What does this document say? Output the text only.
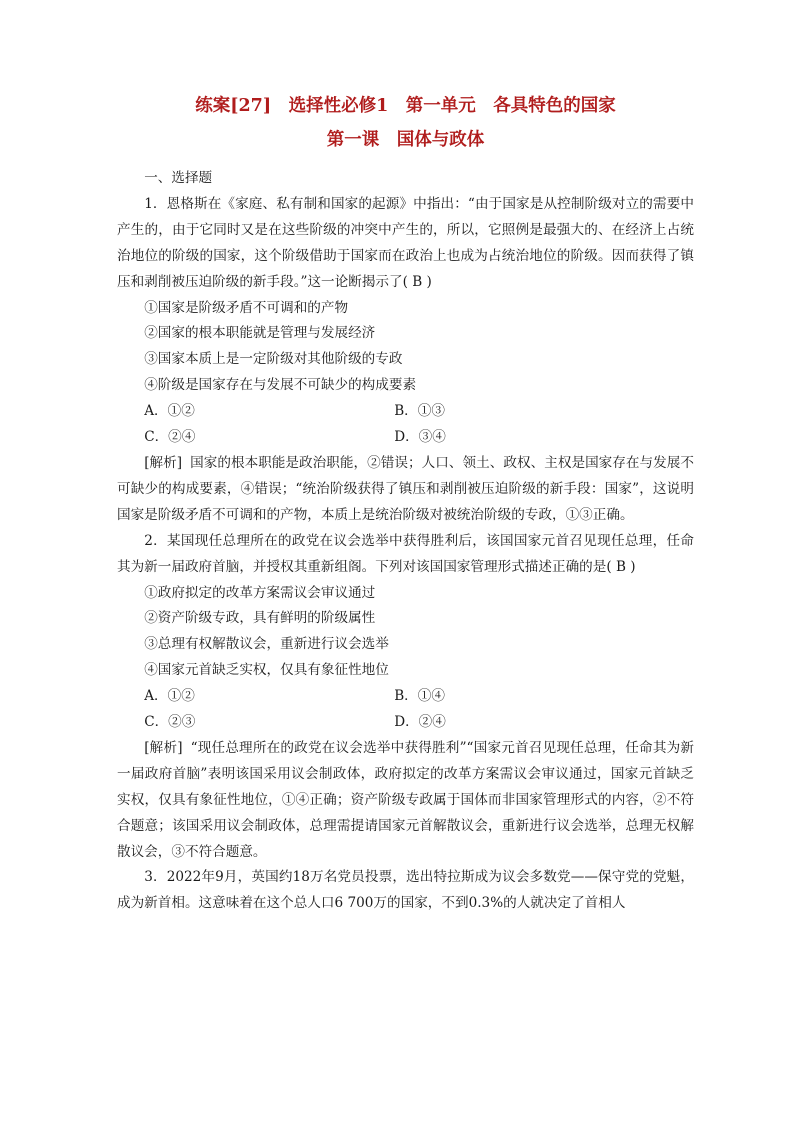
练案[27]　选择性必修1　第一单元　各具特色的国家
第一课　国体与政体
一、选择题

1．恩格斯在《家庭、私有制和国家的起源》中指出：“由于国家是从控制阶级对立的需要中产生的，由于它同时又是在这些阶级的冲突中产生的，所以，它照例是最强大的、在经济上占统治地位的阶级的国家，这个阶级借助于国家而在政治上也成为占统治地位的阶级。因而获得了镇压和剥削被压迫阶级的新手段。”这一论断揭示了( B )

①国家是阶级矛盾不可调和的产物
②国家的根本职能就是管理与发展经济
③国家本质上是一定阶级对其他阶级的专政
④阶级是国家存在与发展不可缺少的构成要素
A．①②	B．①③
C．②④	D．③④

[解析] 国家的根本职能是政治职能，②错误；人口、领土、政权、主权是国家存在与发展不可缺少的构成要素，④错误；“统治阶级获得了镇压和剥削被压迫阶级的新手段：国家”，这说明国家是阶级矛盾不可调和的产物，本质上是统治阶级对被统治阶级的专政，①③正确。

2．某国现任总理所在的政党在议会选举中获得胜利后，该国国家元首召见现任总理，任命其为新一届政府首脑，并授权其重新组阁。下列对该国国家管理形式描述正确的是( B )

①政府拟定的改革方案需议会审议通过
②资产阶级专政，具有鲜明的阶级属性
③总理有权解散议会，重新进行议会选举
④国家元首缺乏实权，仅具有象征性地位
A．①②	B．①④
C．②③	D．②④

[解析] “现任总理所在的政党在议会选举中获得胜利”“国家元首召见现任总理，任命其为新一届政府首脑”表明该国采用议会制政体，政府拟定的改革方案需议会审议通过，国家元首缺乏实权，仅具有象征性地位，①④正确；资产阶级专政属于国体而非国家管理形式的内容，②不符合题意；该国采用议会制政体，总理需提请国家元首解散议会，重新进行议会选举，总理无权解散议会，③不符合题意。

3．2022年9月，英国约18万名党员投票，选出特拉斯成为议会多数党——保守党的党魁，成为新首相。这意味着在这个总人口6 700万的国家，不到0.3%的人就决定了首相人
